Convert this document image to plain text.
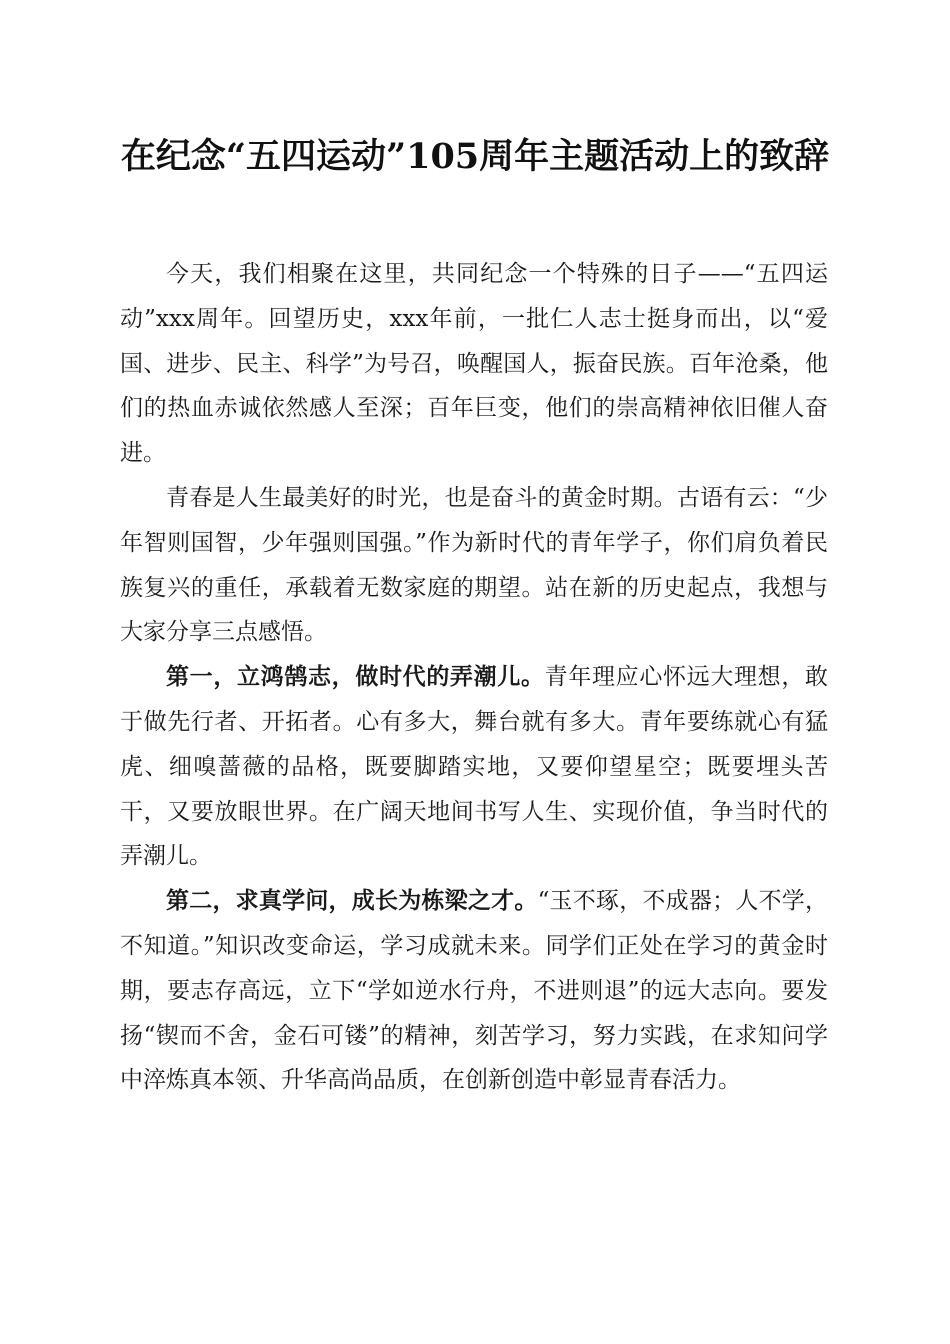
在纪念“五四运动”105周年主题活动上的致辞

今天，我们相聚在这里，共同纪念一个特殊的日子——“五四运动”xxx周年。回望历史，xxx年前，一批仁人志士挺身而出，以“爱国、进步、民主、科学”为号召，唤醒国人，振奋民族。百年沧桑，他们的热血赤诚依然感人至深；百年巨变，他们的崇高精神依旧催人奋进。

青春是人生最美好的时光，也是奋斗的黄金时期。古语有云：“少年智则国智，少年强则国强。”作为新时代的青年学子，你们肩负着民族复兴的重任，承载着无数家庭的期望。站在新的历史起点，我想与大家分享三点感悟。

第一，立鸿鹄志，做时代的弄潮儿。青年理应心怀远大理想，敢于做先行者、开拓者。心有多大，舞台就有多大。青年要练就心有猛虎、细嗅蔷薇的品格，既要脚踏实地，又要仰望星空；既要埋头苦干，又要放眼世界。在广阔天地间书写人生、实现价值，争当时代的弄潮儿。

第二，求真学问，成长为栋梁之才。“玉不琢，不成器；人不学，不知道。”知识改变命运，学习成就未来。同学们正处在学习的黄金时期，要志存高远，立下“学如逆水行舟，不进则退”的远大志向。要发扬“锲而不舍，金石可镂”的精神，刻苦学习，努力实践，在求知问学中淬炼真本领、升华高尚品质，在创新创造中彰显青春活力。
